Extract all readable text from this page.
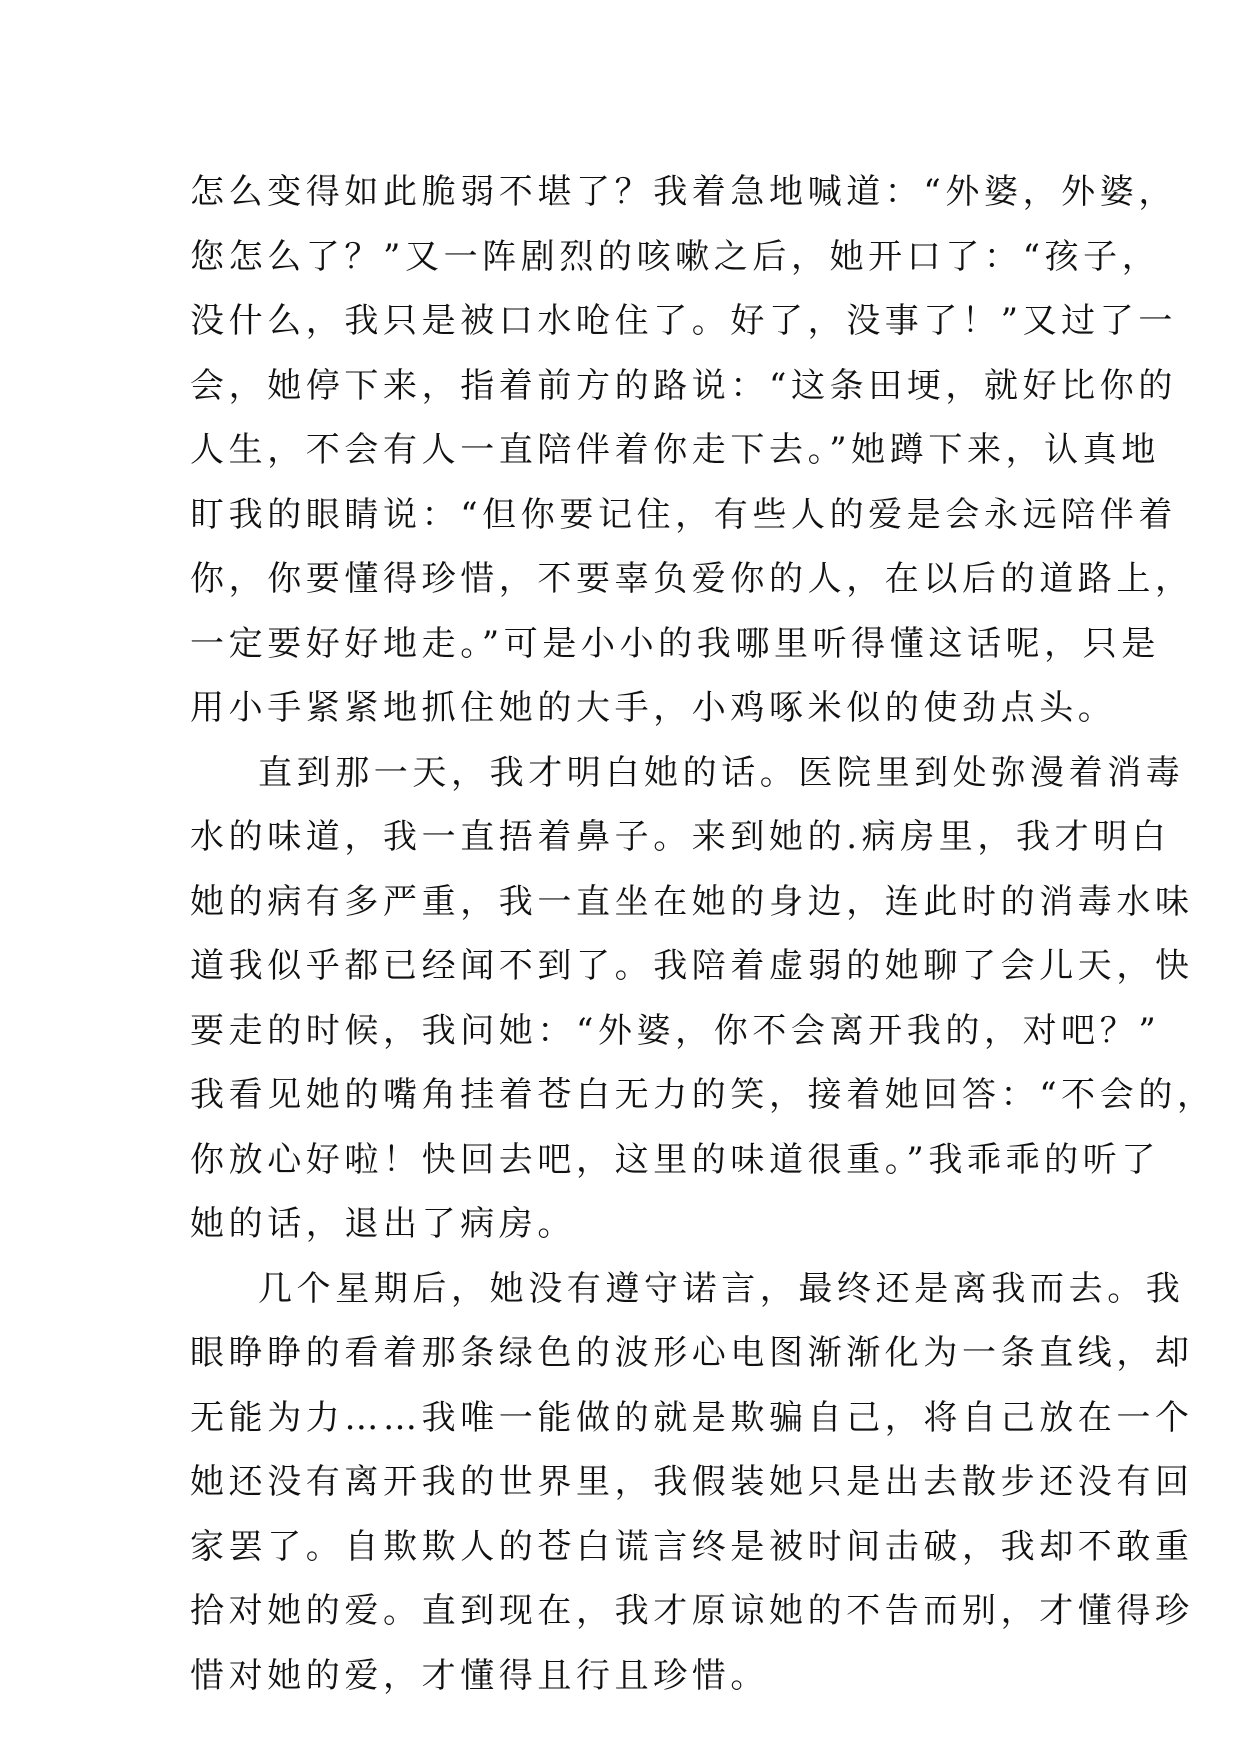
怎么变得如此脆弱不堪了？我着急地喊道：“外婆，外婆，
您怎么了？”又一阵剧烈的咳嗽之后，她开口了：“孩子，
没什么，我只是被口水呛住了。好了，没事了！”又过了一
会，她停下来，指着前方的路说：“这条田埂，就好比你的
人生，不会有人一直陪伴着你走下去。”她蹲下来，认真地
盯我的眼睛说：“但你要记住，有些人的爱是会永远陪伴着
你，你要懂得珍惜，不要辜负爱你的人，在以后的道路上，
一定要好好地走。”可是小小的我哪里听得懂这话呢，只是
用小手紧紧地抓住她的大手，小鸡啄米似的使劲点头。
直到那一天，我才明白她的话。医院里到处弥漫着消毒
水的味道，我一直捂着鼻子。来到她的.病房里，我才明白
她的病有多严重，我一直坐在她的身边，连此时的消毒水味
道我似乎都已经闻不到了。我陪着虚弱的她聊了会儿天，快
要走的时候，我问她：“外婆，你不会离开我的，对吧？”
我看见她的嘴角挂着苍白无力的笑，接着她回答：“不会的，
你放心好啦！快回去吧，这里的味道很重。”我乖乖的听了
她的话，退出了病房。
几个星期后，她没有遵守诺言，最终还是离我而去。我
眼睁睁的看着那条绿色的波形心电图渐渐化为一条直线，却
无能为力……我唯一能做的就是欺骗自己，将自己放在一个
她还没有离开我的世界里，我假装她只是出去散步还没有回
家罢了。自欺欺人的苍白谎言终是被时间击破，我却不敢重
拾对她的爱。直到现在，我才原谅她的不告而别，才懂得珍
惜对她的爱，才懂得且行且珍惜。
